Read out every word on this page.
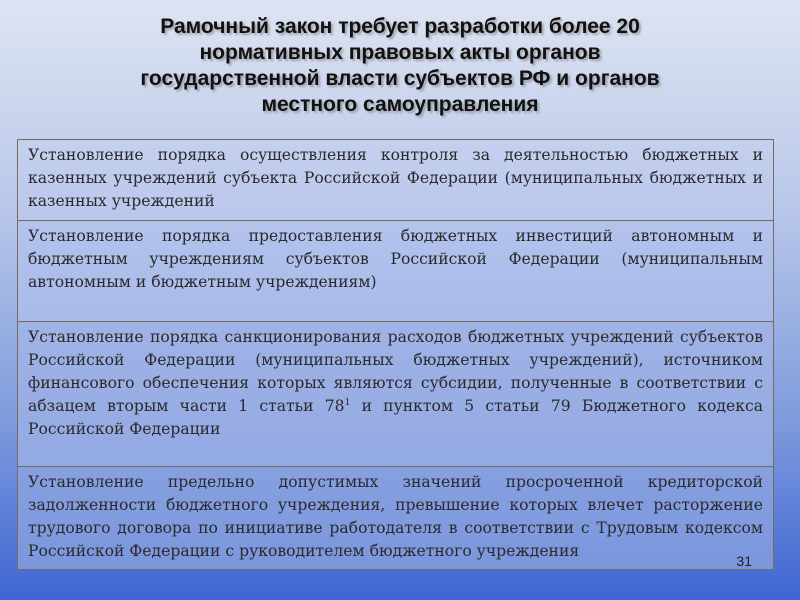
Рамочный закон требует разработки более 20
нормативных правовых акты органов
государственной власти субъектов РФ и органов
местного самоуправления
Установление порядка осуществления контроля за деятельностью бюджетных и казенных учреждений субъекта Российской Федерации (муниципальных бюджетных и казенных учреждений
Установление порядка предоставления бюджетных инвестиций автономным и бюджетным учреждениям субъектов Российской Федерации (муниципальным автономным и бюджетным учреждениям)
Установление порядка санкционирования расходов бюджетных учреждений субъектов Российской Федерации (муниципальных бюджетных учреждений), источником финансового обеспечения которых являются субсидии, полученные в соответствии с абзацем вторым части 1 статьи $78^1$ и пунктом 5 статьи 79 Бюджетного кодекса Российской Федерации
Установление предельно допустимых значений просроченной кредиторской задолженности бюджетного учреждения, превышение которых влечет расторжение трудового договора по инициативе работодателя в соответствии с Трудовым кодексом Российской Федерации с руководителем бюджетного учреждения
31
